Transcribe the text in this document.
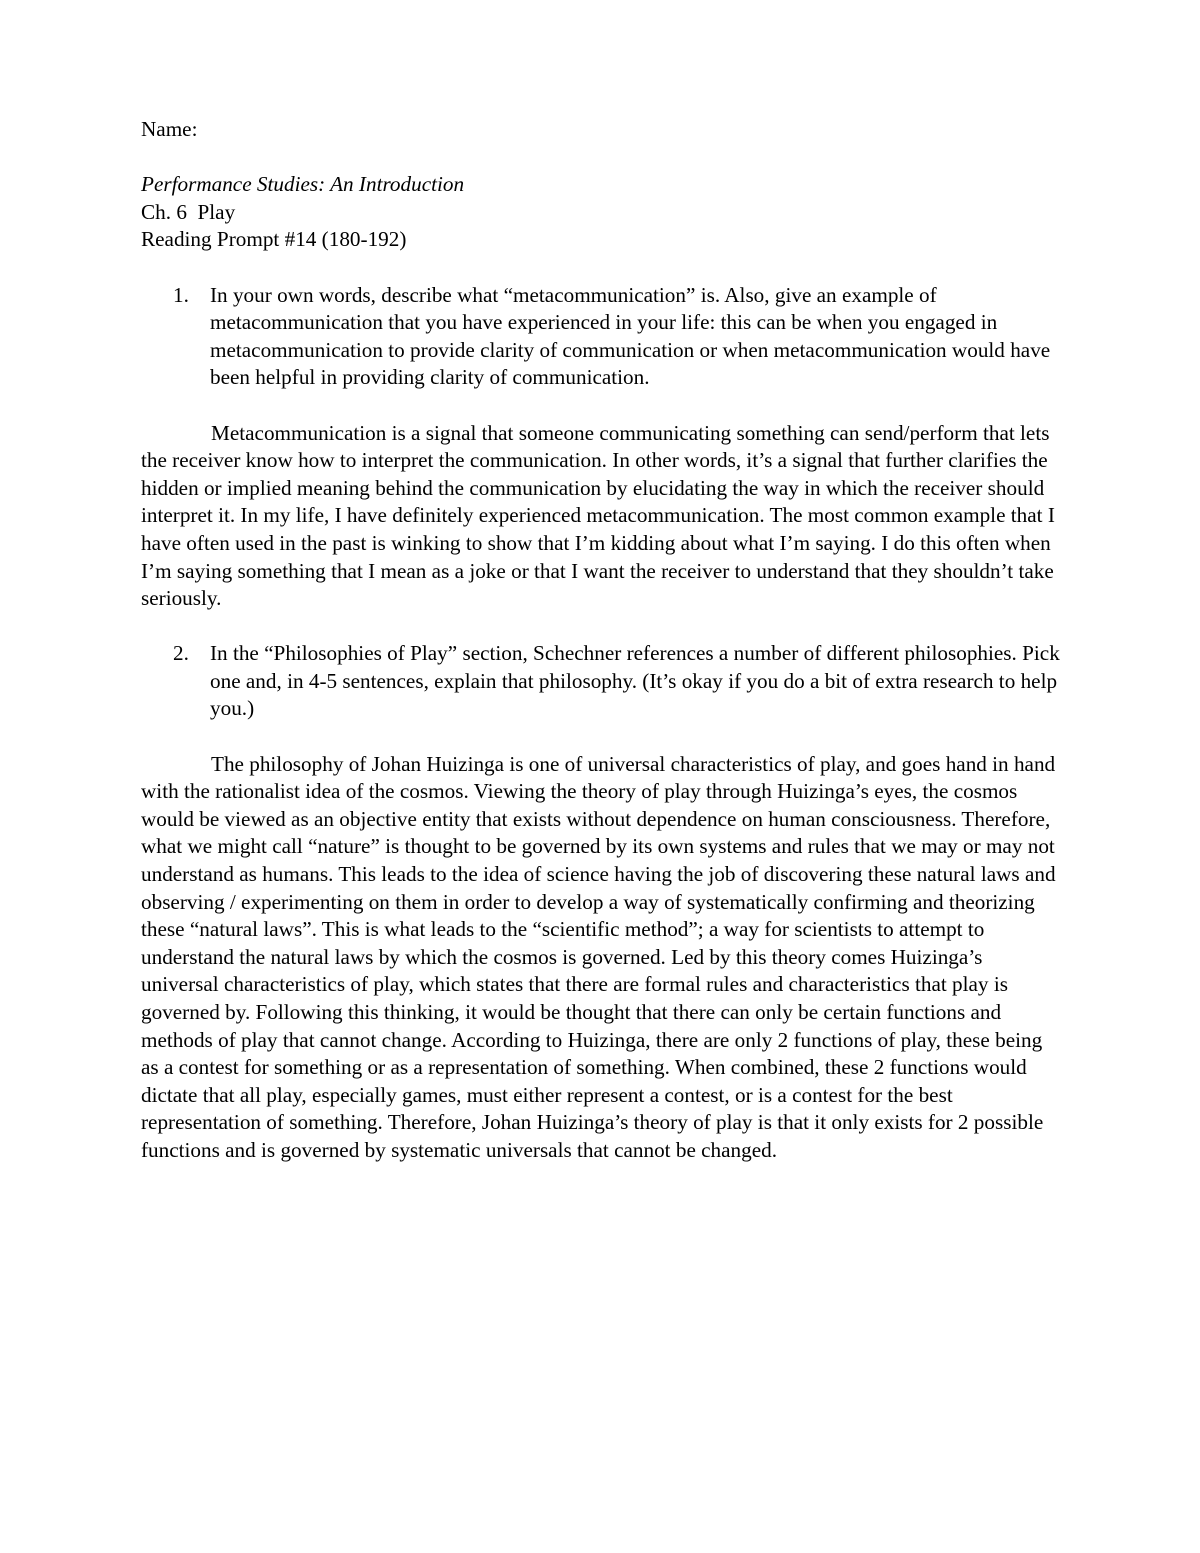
Name:

Performance Studies: An Introduction

Ch. 6  Play

Reading Prompt #14 (180-192)

1. In your own words, describe what “metacommunication” is. Also, give an example of metacommunication that you have experienced in your life: this can be when you engaged in metacommunication to provide clarity of communication or when metacommunication would have been helpful in providing clarity of communication.

Metacommunication is a signal that someone communicating something can send/perform that lets the receiver know how to interpret the communication. In other words, it’s a signal that further clarifies the hidden or implied meaning behind the communication by elucidating the way in which the receiver should interpret it. In my life, I have definitely experienced metacommunication. The most common example that I have often used in the past is winking to show that I’m kidding about what I’m saying. I do this often when I’m saying something that I mean as a joke or that I want the receiver to understand that they shouldn’t take seriously.

2. In the “Philosophies of Play” section, Schechner references a number of different philosophies. Pick one and, in 4-5 sentences, explain that philosophy. (It’s okay if you do a bit of extra research to help you.)

The philosophy of Johan Huizinga is one of universal characteristics of play, and goes hand in hand with the rationalist idea of the cosmos. Viewing the theory of play through Huizinga’s eyes, the cosmos would be viewed as an objective entity that exists without dependence on human consciousness. Therefore, what we might call “nature” is thought to be governed by its own systems and rules that we may or may not understand as humans. This leads to the idea of science having the job of discovering these natural laws and observing / experimenting on them in order to develop a way of systematically confirming and theorizing these “natural laws”. This is what leads to the “scientific method”; a way for scientists to attempt to understand the natural laws by which the cosmos is governed. Led by this theory comes Huizinga’s universal characteristics of play, which states that there are formal rules and characteristics that play is governed by. Following this thinking, it would be thought that there can only be certain functions and methods of play that cannot change. According to Huizinga, there are only 2 functions of play, these being as a contest for something or as a representation of something. When combined, these 2 functions would dictate that all play, especially games, must either represent a contest, or is a contest for the best representation of something. Therefore, Johan Huizinga’s theory of play is that it only exists for 2 possible functions and is governed by systematic universals that cannot be changed.
